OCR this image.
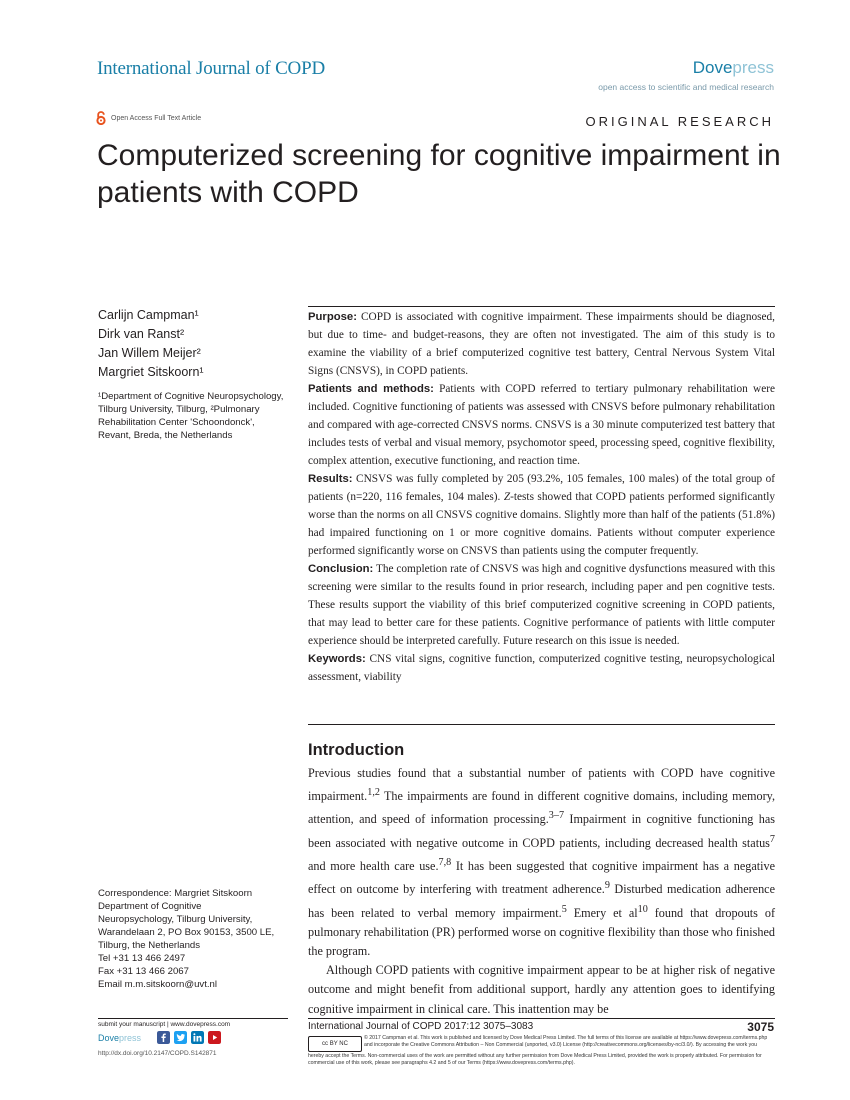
International Journal of COPD	Dovepress
open access to scientific and medical research
Open Access Full Text Article	ORIGINAL RESEARCH
Computerized screening for cognitive impairment in patients with COPD
Carlijn Campman¹
Dirk van Ranst²
Jan Willem Meijer²
Margriet Sitskoorn¹
¹Department of Cognitive Neuropsychology, Tilburg University, Tilburg, ²Pulmonary Rehabilitation Center 'Schoondonck', Revant, Breda, the Netherlands
Correspondence: Margriet Sitskoorn
Department of Cognitive
Neuropsychology, Tilburg University,
Warandelaan 2, PO Box 90153, 3500 LE,
Tilburg, the Netherlands
Tel +31 13 466 2497
Fax +31 13 466 2067
Email m.m.sitskoorn@uvt.nl

Purpose: COPD is associated with cognitive impairment. These impairments should be diagnosed, but due to time- and budget-reasons, they are often not investigated. The aim of this study is to examine the viability of a brief computerized cognitive test battery, Central Nervous System Vital Signs (CNSVS), in COPD patients.

Patients and methods: Patients with COPD referred to tertiary pulmonary rehabilitation were included. Cognitive functioning of patients was assessed with CNSVS before pulmonary rehabilitation and compared with age-corrected CNSVS norms. CNSVS is a 30 minute computerized test battery that includes tests of verbal and visual memory, psychomotor speed, processing speed, cognitive flexibility, complex attention, executive functioning, and reaction time.

Results: CNSVS was fully completed by 205 (93.2%, 105 females, 100 males) of the total group of patients (n=220, 116 females, 104 males). Z-tests showed that COPD patients performed significantly worse than the norms on all CNSVS cognitive domains. Slightly more than half of the patients (51.8%) had impaired functioning on 1 or more cognitive domains. Patients without computer experience performed significantly worse on CNSVS than patients using the computer frequently.

Conclusion: The completion rate of CNSVS was high and cognitive dysfunctions measured with this screening were similar to the results found in prior research, including paper and pen cognitive tests. These results support the viability of this brief computerized cognitive screening in COPD patients, that may lead to better care for these patients. Cognitive performance of patients with little computer experience should be interpreted carefully. Future research on this issue is needed.

Keywords: CNS vital signs, cognitive function, computerized cognitive testing, neuropsychological assessment, viability

Introduction

Previous studies found that a substantial number of patients with COPD have cognitive impairment.$^{1,2}$ The impairments are found in different cognitive domains, including memory, attention, and speed of information processing.$^{3-7}$ Impairment in cognitive functioning has been associated with negative outcome in COPD patients, including decreased health status$^7$ and more health care use.$^{7,8}$ It has been suggested that cognitive impairment has a negative effect on outcome by interfering with treatment adherence.$^9$ Disturbed medication adherence has been related to verbal memory impairment.$^5$ Emery et $al^{10}$ found that dropouts of pulmonary rehabilitation (PR) performed worse on cognitive flexibility than those who finished the program.

Although COPD patients with cognitive impairment appear to be at higher risk of negative outcome and might benefit from additional support, hardly any attention goes to identifying cognitive impairment in clinical care. This inattention may be

submit your manuscript | www.dovepress.com
Dovepress
http://dx.doi.org/10.2147/COPD.S142871
International Journal of COPD 2017:12 3075–3083	3075
cc BY NC
© 2017 Campman et al. This work is published and licensed by Dove Medical Press Limited. The full terms of this license are available at https://www.dovepress.com/terms.php and incorporate the Creative Commons Attribution – Non Commercial (unported, v3.0) License (http://creativecommons.org/licenses/by-nc/3.0/). By accessing the work you
hereby accept the Terms. Non-commercial uses of the work are permitted without any further permission from Dove Medical Press Limited, provided the work is properly attributed. For permission for commercial use of this work, please see paragraphs 4.2 and 5 of our Terms (https://www.dovepress.com/terms.php).
